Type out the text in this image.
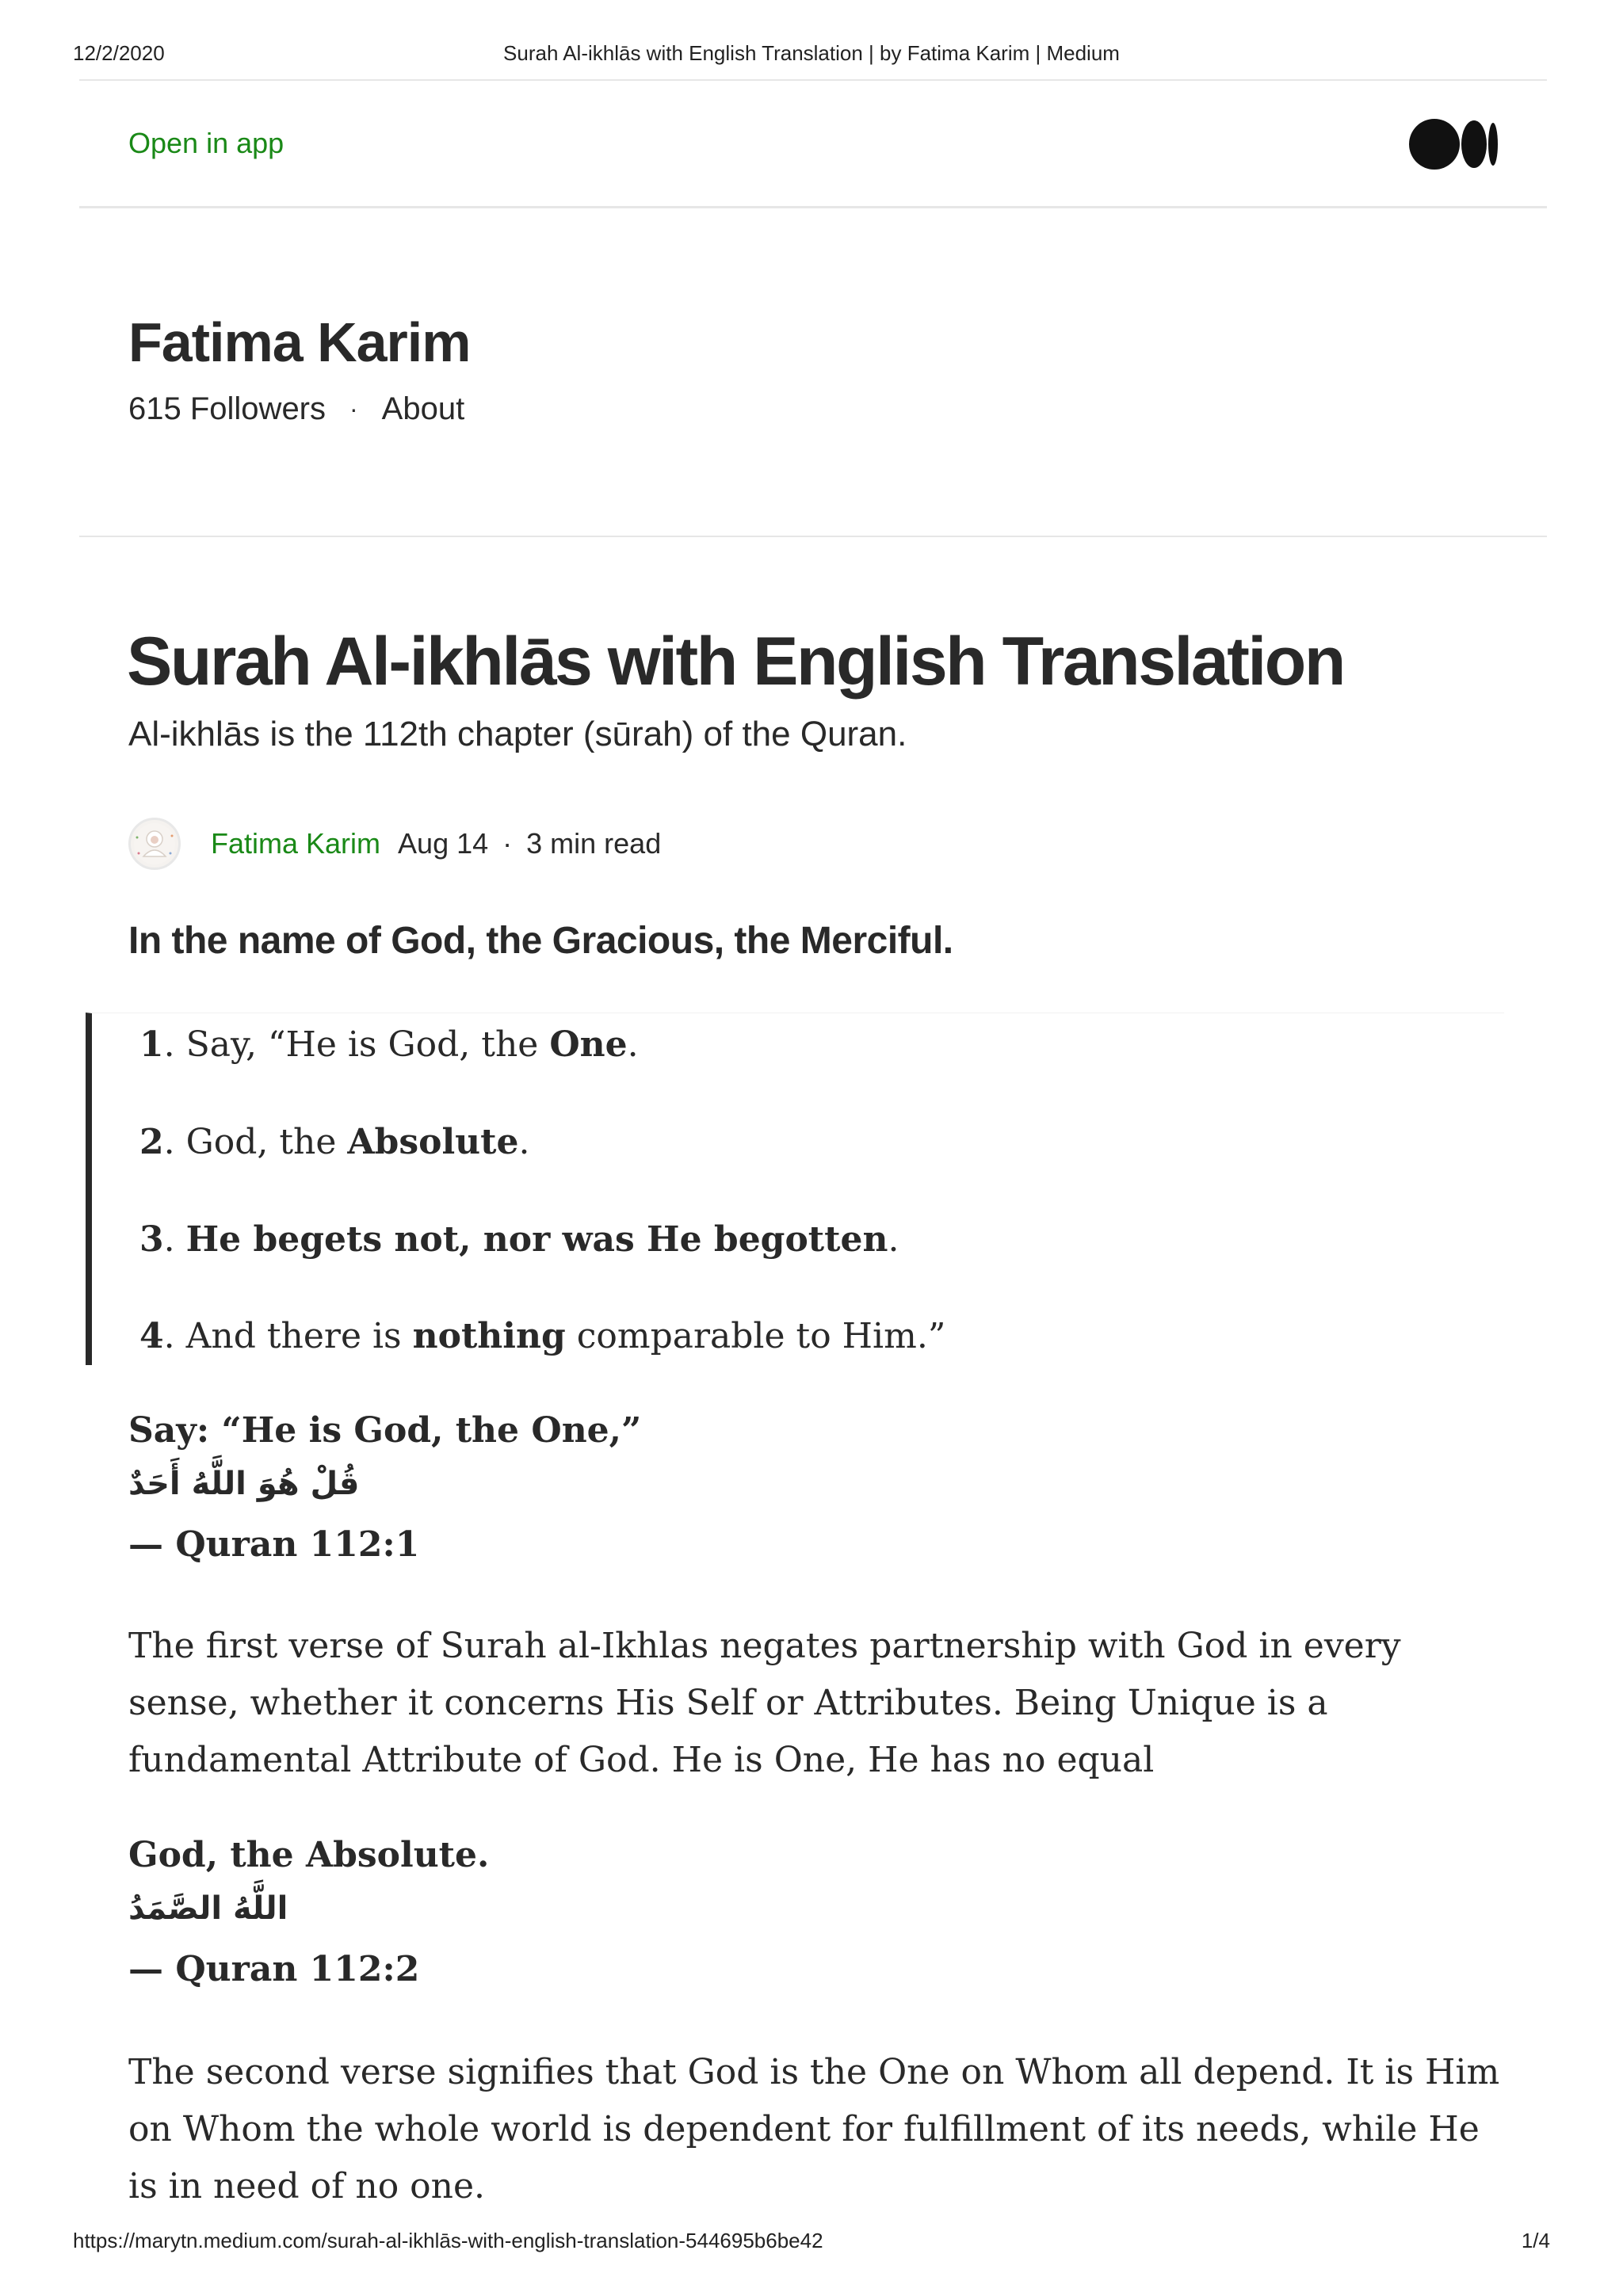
12/2/2020	Surah Al-ikhlās with English Translation | by Fatima Karim | Medium
Open in app
Fatima Karim
615 Followers · About
Surah Al-ikhlās with English Translation
Al-ikhlās is the 112th chapter (sūrah) of the Quran.
Fatima Karim Aug 14 · 3 min read
In the name of God, the Gracious, the Merciful.
1. Say, “He is God, the One.
2. God, the Absolute.
3. He begets not, nor was He begotten.
4. And there is nothing comparable to Him.”
Say: “He is God, the One,”
قُلْ هُوَ اللَّهُ أَحَدٌ
— Quran 112:1
The first verse of Surah al-Ikhlas negates partnership with God in every sense, whether it concerns His Self or Attributes. Being Unique is a fundamental Attribute of God. He is One, He has no equal
God, the Absolute.
اللَّهُ الصَّمَدُ
— Quran 112:2
The second verse signifies that God is the One on Whom all depend. It is Him on Whom the whole world is dependent for fulfillment of its needs, while He is in need of no one.
https://marytn.medium.com/surah-al-ikhlās-with-english-translation-544695b6be42	1/4
